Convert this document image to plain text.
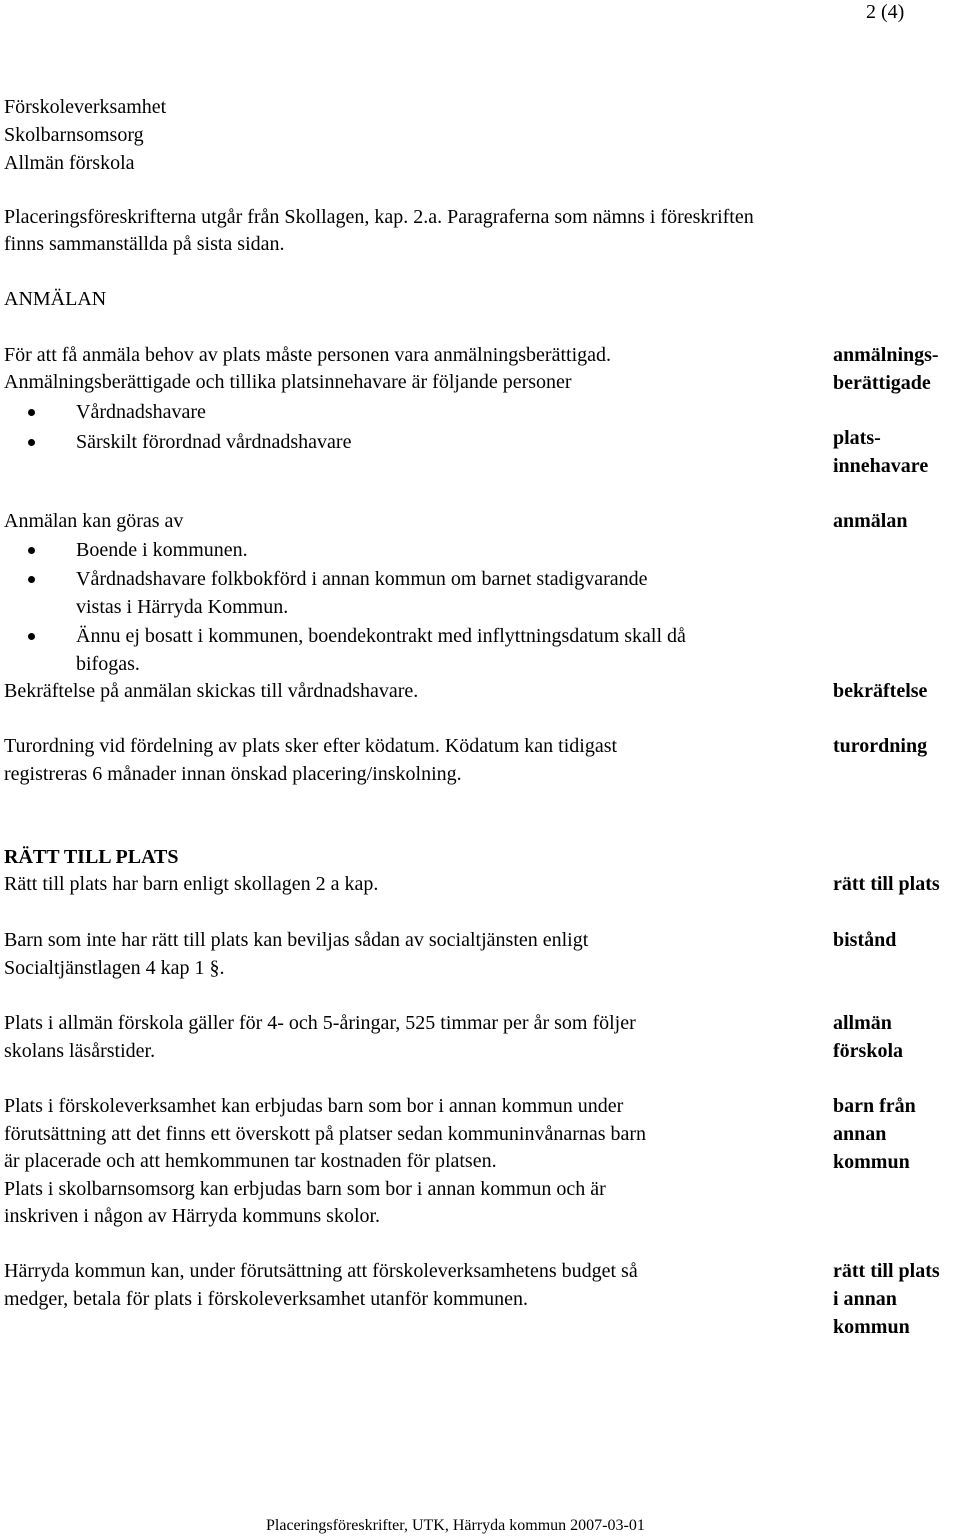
2 (4)
Förskoleverksamhet
Skolbarnsomsorg
Allmän förskola
Placeringsföreskrifterna utgår från Skollagen, kap. 2.a. Paragraferna som nämns i föreskriften
finns sammanställda på sista sidan.
ANMÄLAN
För att få anmäla behov av plats måste personen vara anmälningsberättigad.
Anmälningsberättigade och tillika platsinnehavare är följande personer
Vårdnadshavare
Särskilt förordnad vårdnadshavare
Anmälan kan göras av
Boende i kommunen.
Vårdnadshavare folkbokförd i annan kommun om barnet stadigvarande
vistas i Härryda Kommun.
Ännu ej bosatt i kommunen, boendekontrakt med inflyttningsdatum skall då
bifogas.
Bekräftelse på anmälan skickas till vårdnadshavare.
Turordning vid fördelning av plats sker efter ködatum. Ködatum kan tidigast
registreras 6 månader innan önskad placering/inskolning.
RÄTT TILL PLATS
Rätt till plats har barn enligt skollagen 2 a kap.
Barn som inte har rätt till plats kan beviljas sådan av socialtjänsten enligt
Socialtjänstlagen 4 kap 1 §.
Plats i allmän förskola gäller för 4- och 5-åringar, 525 timmar per år som följer
skolans läsårstider.
Plats i förskoleverksamhet kan erbjudas barn som bor i annan kommun under
förutsättning att det finns ett överskott på platser sedan kommuninvånarnas barn
är placerade och att hemkommunen tar kostnaden för platsen.
Plats i skolbarnsomsorg kan erbjudas barn som bor i annan kommun och är
inskriven i någon av Härryda kommuns skolor.
Härryda kommun kan, under förutsättning att förskoleverksamhetens budget så
medger, betala för plats i förskoleverksamhet utanför kommunen.
anmälnings-
berättigade
plats-
innehavare
anmälan
bekräftelse
turordning
rätt till plats
bistånd
allmän
förskola
barn från
annan
kommun
rätt till plats
i annan
kommun
Placeringsföreskrifter, UTK, Härryda kommun 2007-03-01
